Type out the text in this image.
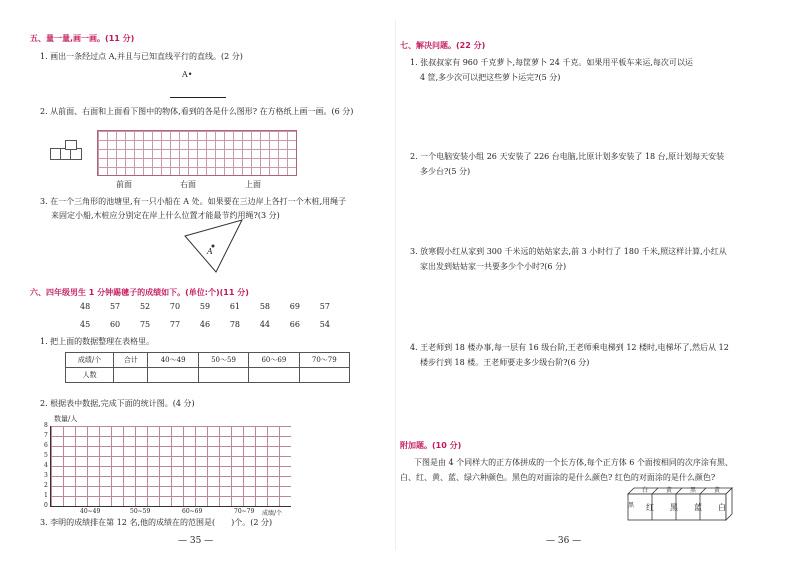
五、量一量,画一画。(11 分)
1. 画出一条经过点 A,并且与已知直线平行的直线。(2 分)
A•
2. 从前面、右面和上面看下图中的物体,看到的各是什么图形? 在方格纸上画一画。(6 分)
前面	右面	上面
3. 在一个三角形的池塘里,有一只小船在 A 处。如果要在三边岸上各打一个木桩,用绳子
来固定小船,木桩应分别定在岸上什么位置才能最节约用绳?(3 分)
A
六、四年级男生 1 分钟踢毽子的成绩如下。(单位:个)(11 分)
48 57 52 70 59 61 58 69 57
45 60 75 77 46 78 44 66 54
1. 把上面的数据整理在表格里。
成绩/个	合计	40～49	50～59	60～69	70～79
人数					
2. 根据表中数据,完成下面的统计图。(4 分)
数量/人
8
7
6
5
4
3
2
1
0
40~49	50~59	60~69	70~79 成绩/个
3. 李明的成绩排在第 12 名,他的成绩在的范围是(　　)个。(2 分)
— 35 —
七、解决问题。(22 分)
1. 张叔叔家有 960 千克萝卜,每筐萝卜 24 千克。如果用平板车来运,每次可以运
4 筐,多少次可以把这些萝卜运完?(5 分)
2. 一个电脑安装小组 26 天安装了 226 台电脑,比原计划多安装了 18 台,原计划每天安装
多少台?(5 分)
3. 放寒假小红从家到 300 千米远的姑姑家去,前 3 小时行了 180 千米,照这样计算,小红从
家出发到姑姑家一共要多少个小时?(6 分)
4. 王老师到 18 楼办事,每一层有 16 级台阶,王老师乘电梯到 12 楼时,电梯坏了,然后从 12
楼步行到 18 楼。王老师要走多少级台阶?(6 分)
附加题。(10 分)
下图是由 4 个同样大的正方体拼成的一个长方体,每个正方体 6 个面按相同的次序涂有黑、
白、红、黄、蓝、绿六种颜色。黑色的对面涂的是什么颜色? 红色的对面涂的是什么颜色?
白	黄	黑	黄
红 黑 蓝 白
黑
— 36 —
